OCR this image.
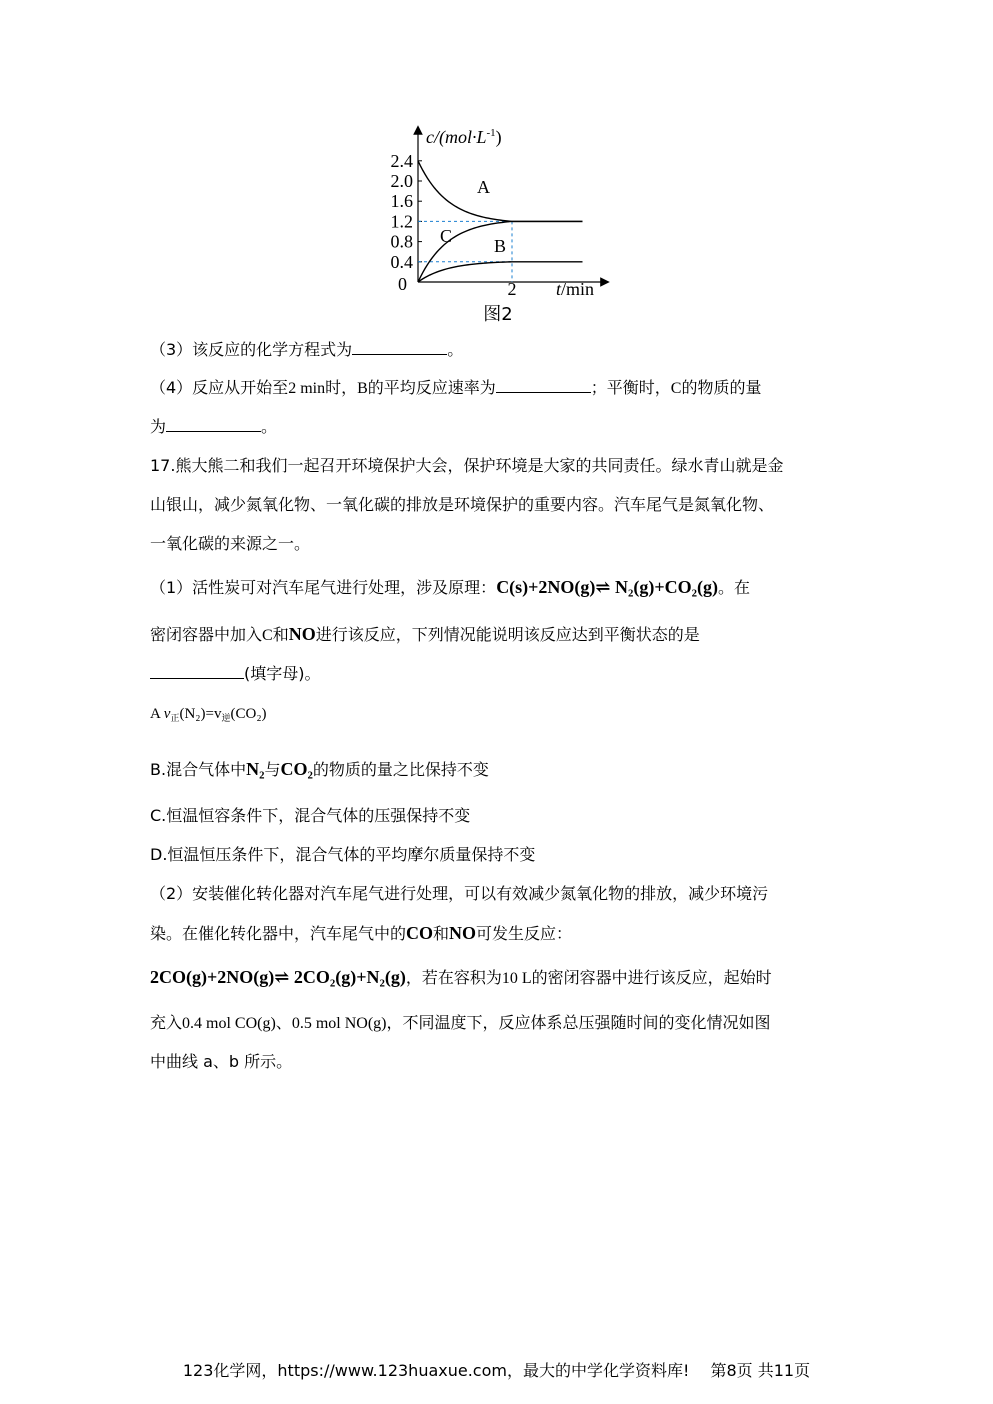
$c/(mol\cdot L^{-1})$
2.4
2.0
1.6
1.2
0.8
0.4
0	2 t/min
A
C B
图2
（3）该反应的化学方程式为	。
（4）反应从开始至2 min时，B的平均反应速率为	；平衡时，C的物质的量
为	。
17.熊大熊二和我们一起召开环境保护大会，保护环境是大家的共同责任。绿水青山就是金
山银山，减少氮氧化物、一氧化碳的排放是环境保护的重要内容。汽车尾气是氮氧化物、
一氧化碳的来源之一。
（1）活性炭可对汽车尾气进行处理，涉及原理：C(s)+2NO(g)⇌ N₂(g)+CO₂(g)。在
密闭容器中加入C和NO进行该反应，下列情况能说明该反应达到平衡状态的是
(填字母)。
A $v_正(N_2)=v_逆(CO_2)$
B.混合气体中N₂与CO₂的物质的量之比保持不变
C.恒温恒容条件下，混合气体的压强保持不变
D.恒温恒压条件下，混合气体的平均摩尔质量保持不变
（2）安装催化转化器对汽车尾气进行处理，可以有效减少氮氧化物的排放，减少环境污
染。在催化转化器中，汽车尾气中的CO和NO可发生反应：
2CO(g)+2NO(g)⇌ 2CO₂(g)+N₂(g)，若在容积为10 L的密闭容器中进行该反应，起始时
充入0.4 mol CO(g)、0.5 mol NO(g)，不同温度下，反应体系总压强随时间的变化情况如图
中曲线 a、b 所示。
123化学网，https://www.123huaxue.com，最大的中学化学资料库!　 第8页 共11页
